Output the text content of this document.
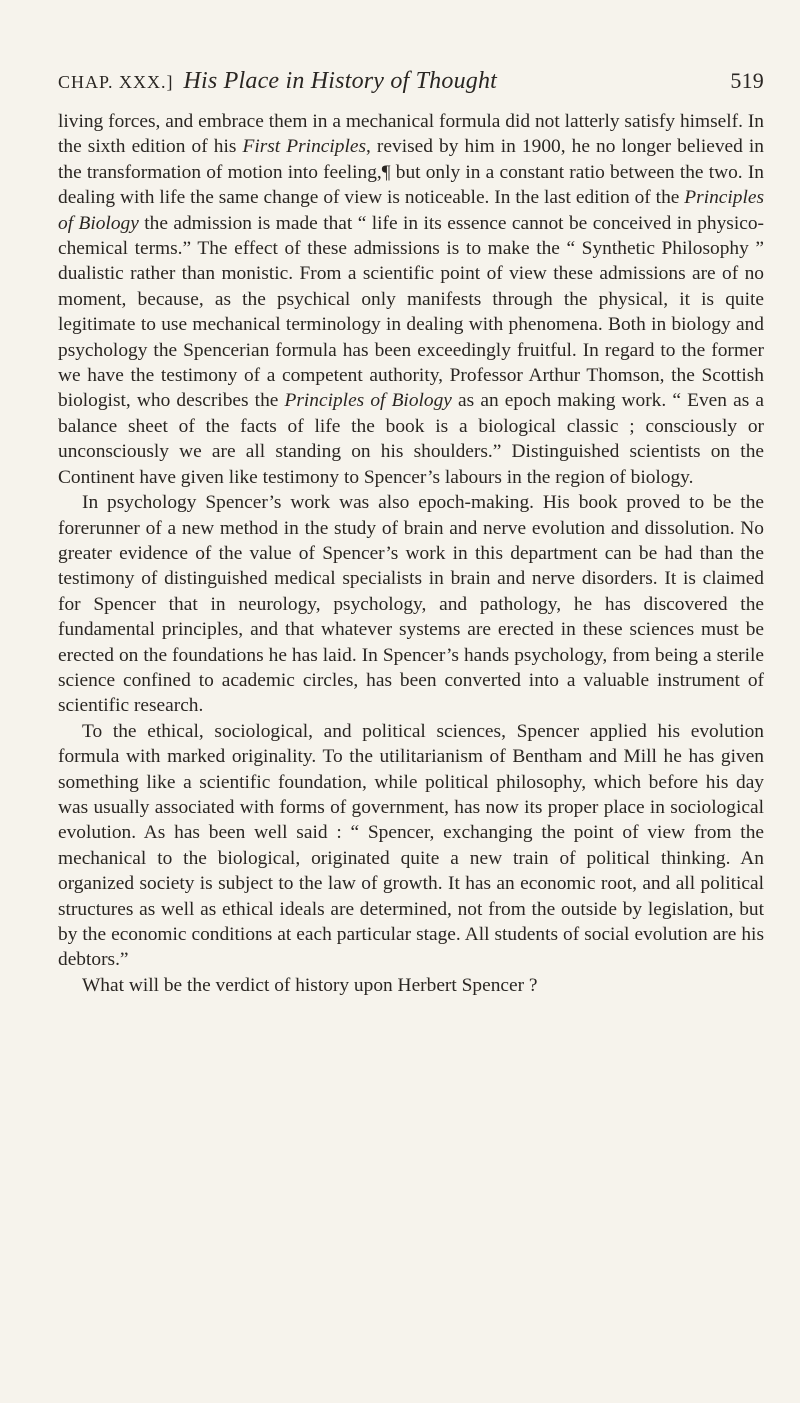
CHAP. XXX.] His Place in History of Thought	519

living forces, and embrace them in a mechanical formula did not latterly satisfy himself. In the sixth edition of his First Principles, revised by him in 1900, he no longer believed in the transformation of motion into feeling,¶ but only in a constant ratio between the two. In dealing with life the same change of view is noticeable. In the last edition of the Principles of Biology the admission is made that “ life in its essence cannot be conceived in physico-chemical terms.” The effect of these admissions is to make the “ Synthetic Philosophy ” dualistic rather than monistic. From a scientific point of view these admissions are of no moment, because, as the psychical only manifests through the physical, it is quite legitimate to use mechanical terminology in dealing with phenomena. Both in biology and psychology the Spencerian formula has been exceedingly fruitful. In regard to the former we have the testimony of a competent authority, Professor Arthur Thomson, the Scottish biologist, who describes the Principles of Biology as an epoch making work. “ Even as a balance sheet of the facts of life the book is a biological classic ; consciously or unconsciously we are all standing on his shoulders.” Distinguished scientists on the Continent have given like testimony to Spencer’s labours in the region of biology.

In psychology Spencer’s work was also epoch-making. His book proved to be the forerunner of a new method in the study of brain and nerve evolution and dissolution. No greater evidence of the value of Spencer’s work in this department can be had than the testimony of distinguished medical specialists in brain and nerve disorders. It is claimed for Spencer that in neurology, psychology, and pathology, he has discovered the fundamental principles, and that whatever systems are erected in these sciences must be erected on the foundations he has laid. In Spencer’s hands psychology, from being a sterile science confined to academic circles, has been converted into a valuable instrument of scientific research.

To the ethical, sociological, and political sciences, Spencer applied his evolution formula with marked originality. To the utilitarianism of Bentham and Mill he has given something like a scientific foundation, while political philosophy, which before his day was usually associated with forms of government, has now its proper place in sociological evolution. As has been well said : “ Spencer, exchanging the point of view from the mechanical to the biological, originated quite a new train of political thinking. An organized society is subject to the law of growth. It has an economic root, and all political structures as well as ethical ideals are determined, not from the outside by legislation, but by the economic conditions at each particular stage. All students of social evolution are his debtors.”

What will be the verdict of history upon Herbert Spencer ?
